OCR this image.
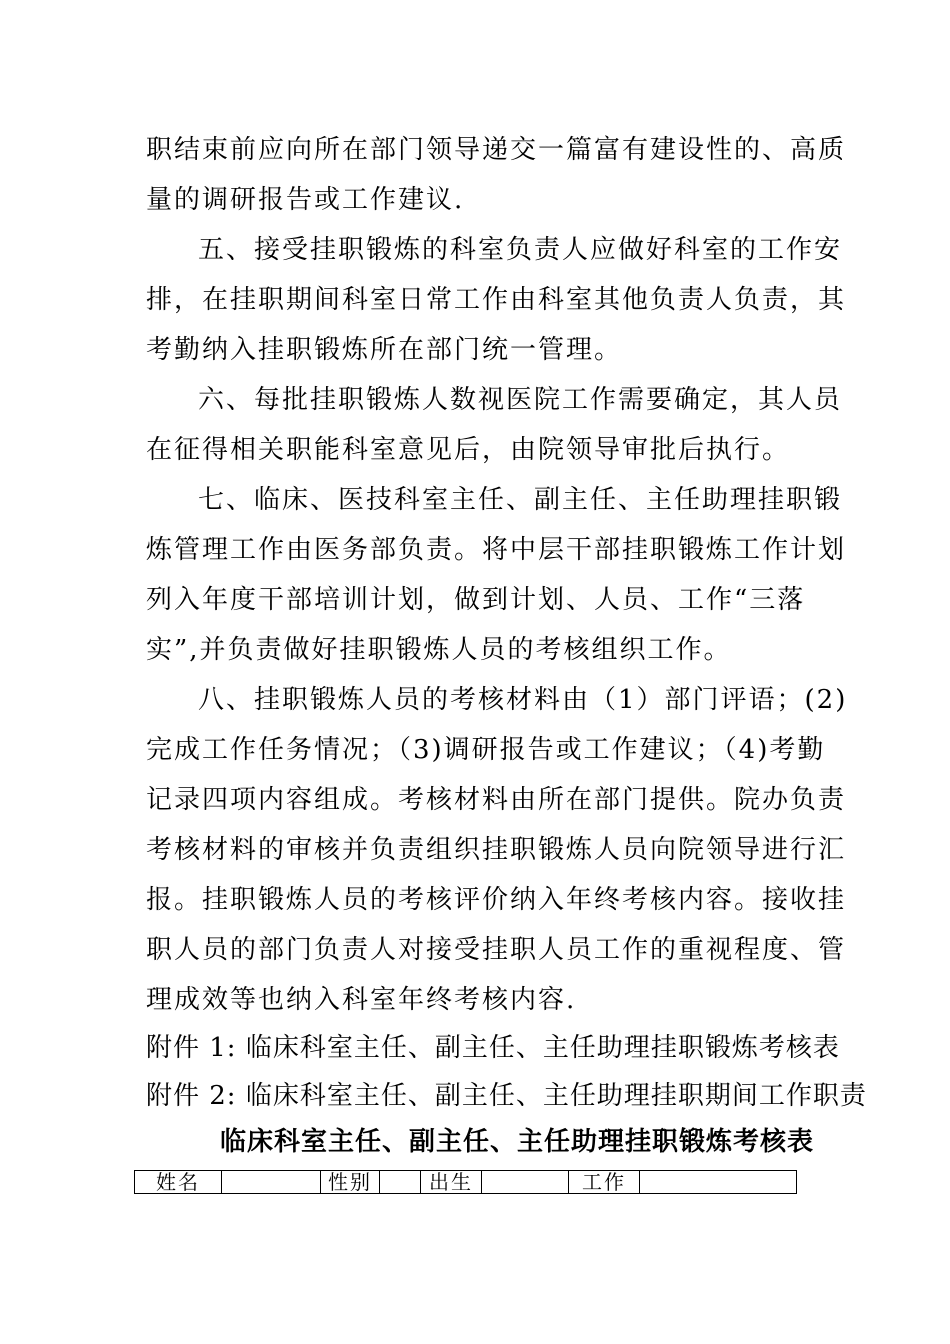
职结束前应向所在部门领导递交一篇富有建设性的、高质
量的调研报告或工作建议.
五、接受挂职锻炼的科室负责人应做好科室的工作安
排，在挂职期间科室日常工作由科室其他负责人负责，其
考勤纳入挂职锻炼所在部门统一管理。
六、每批挂职锻炼人数视医院工作需要确定，其人员
在征得相关职能科室意见后，由院领导审批后执行。
七、临床、医技科室主任、副主任、主任助理挂职锻
炼管理工作由医务部负责。将中层干部挂职锻炼工作计划
列入年度干部培训计划，做到计划、人员、工作“三落
实”,并负责做好挂职锻炼人员的考核组织工作。
八、挂职锻炼人员的考核材料由（1）部门评语；(2)
完成工作任务情况；（3)调研报告或工作建议；（4)考勤
记录四项内容组成。考核材料由所在部门提供。院办负责
考核材料的审核并负责组织挂职锻炼人员向院领导进行汇
报。挂职锻炼人员的考核评价纳入年终考核内容。接收挂
职人员的部门负责人对接受挂职人员工作的重视程度、管
理成效等也纳入科室年终考核内容.
附件 1: 临床科室主任、副主任、主任助理挂职锻炼考核表
附件 2: 临床科室主任、副主任、主任助理挂职期间工作职责
临床科室主任、副主任、主任助理挂职锻炼考核表
姓名		性别		出生		工作	
